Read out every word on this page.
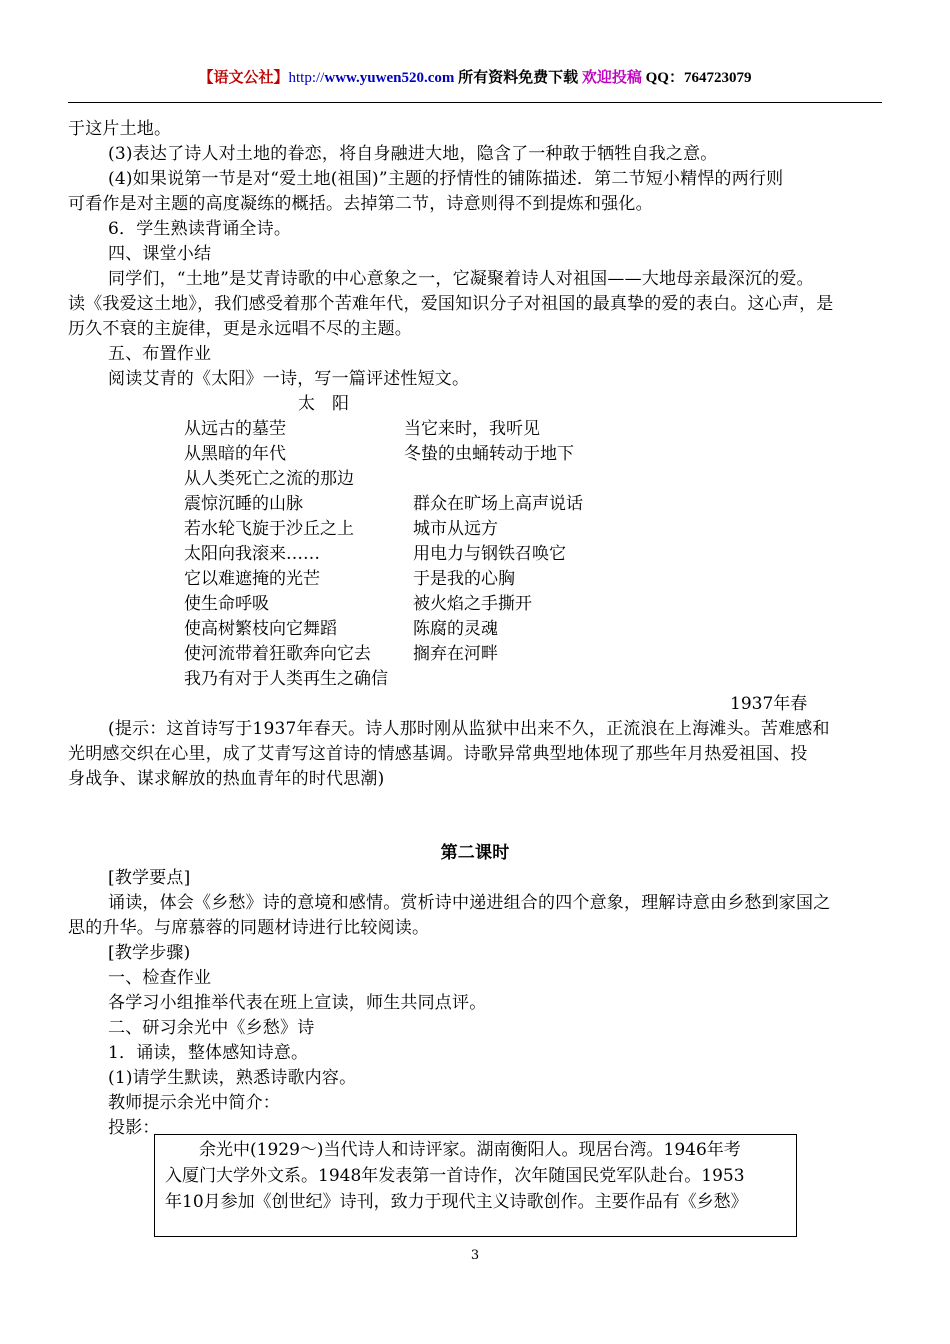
【语文公社】http://www.yuwen520.com 所有资料免费下载 欢迎投稿 QQ：764723079
于这片土地。
(3)表达了诗人对土地的眷恋，将自身融进大地，隐含了一种敢于牺牲自我之意。
(4)如果说第一节是对“爱土地(祖国)”主题的抒情性的铺陈描述．第二节短小精悍的两行则
可看作是对主题的高度凝练的概括。去掉第二节，诗意则得不到提炼和强化。
6．学生熟读背诵全诗。
四、课堂小结
同学们，“土地”是艾青诗歌的中心意象之一，它凝聚着诗人对祖国——大地母亲最深沉的爱。
读《我爱这土地》，我们感受着那个苦难年代，爱国知识分子对祖国的最真挚的爱的表白。这心声，是
历久不衰的主旋律，更是永远唱不尽的主题。
五、布置作业
阅读艾青的《太阳》一诗，写一篇评述性短文。
太　阳
从远古的墓茔	当它来时，我听见
从黑暗的年代	冬蛰的虫蛹转动于地下
从人类死亡之流的那边
震惊沉睡的山脉	群众在旷场上高声说话
若水轮飞旋于沙丘之上	城市从远方
太阳向我滚来……	用电力与钢铁召唤它
它以难遮掩的光芒	于是我的心胸
使生命呼吸	被火焰之手撕开
使高树繁枝向它舞蹈	陈腐的灵魂
使河流带着狂歌奔向它去 搁弃在河畔
我乃有对于人类再生之确信
1937年春
(提示：这首诗写于1937年春天。诗人那时刚从监狱中出来不久，正流浪在上海滩头。苦难感和
光明感交织在心里，成了艾青写这首诗的情感基调。诗歌异常典型地体现了那些年月热爱祖国、投
身战争、谋求解放的热血青年的时代思潮)
第二课时
[教学要点]
诵读，体会《乡愁》诗的意境和感情。赏析诗中递进组合的四个意象，理解诗意由乡愁到家国之
思的升华。与席慕蓉的同题材诗进行比较阅读。
[教学步骤)
一、检查作业
各学习小组推举代表在班上宣读，师生共同点评。
二、研习余光中《乡愁》诗
1．诵读，整体感知诗意。
(1)请学生默读，熟悉诗歌内容。
教师提示余光中简介：
投影：
　　余光中(1929～)当代诗人和诗评家。湖南衡阳人。现居台湾。1946年考
入厦门大学外文系。1948年发表第一首诗作，次年随国民党军队赴台。1953
年10月参加《创世纪》诗刊，致力于现代主义诗歌创作。主要作品有《乡愁》
3
